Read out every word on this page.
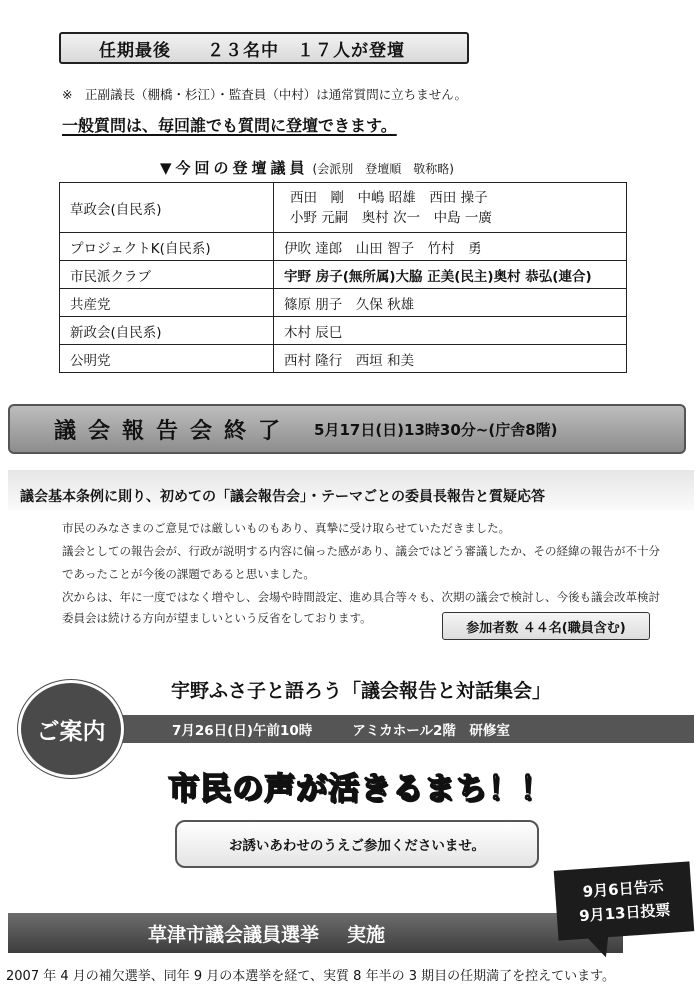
任期最後　　２３名中　１７人が登壇
※　正副議長（棚橋・杉江）・監査員（中村）は通常質問に立ちません。
一般質問は、毎回誰でも質問に登壇できます。
▼今回の登壇議員 (会派別　登壇順　敬称略)
草政会(自民系)	西田　剛　中嶋 昭雄　西田 操子
小野 元嗣　奥村 次一　中島 一廣

プロジェクトK(自民系)	伊吹 達郎　山田 智子　竹村　勇
市民派クラブ	宇野 房子(無所属)大脇 正美(民主)奥村 恭弘(連合)
共産党	篠原 朋子　久保 秋雄
新政会(自民系)	木村 辰巳
公明党	西村 隆行　西垣 和美
議会報告会終了 5月17日(日)13時30分~(庁舎8階)
議会基本条例に則り、初めての「議会報告会」・テーマごとの委員長報告と質疑応答
市民のみなさまのご意見では厳しいものもあり、真摯に受け取らせていただきました。
議会としての報告会が、行政が説明する内容に偏った感があり、議会ではどう審議したか、その経緯の報告が不十分
であったことが今後の課題であると思いました。
次からは、年に一度ではなく増やし、会場や時間設定、進め具合等々も、次期の議会で検討し、今後も議会改革検討
委員会は続ける方向が望ましいという反省をしております。
参加者数 ４４名(職員含む)
宇野ふさ子と語ろう「議会報告と対話集会」
7月26日(日)午前10時	アミカホール2階　研修室
ご案内
市民の声が活きるまち！！
お誘いあわせのうえご参加くださいませ。
草津市議会議員選挙 実施
9月6日告示
9月13日投票
2007 年 4 月の補欠選挙、同年 9 月の本選挙を経て、実質 8 年半の 3 期目の任期満了を控えています。
